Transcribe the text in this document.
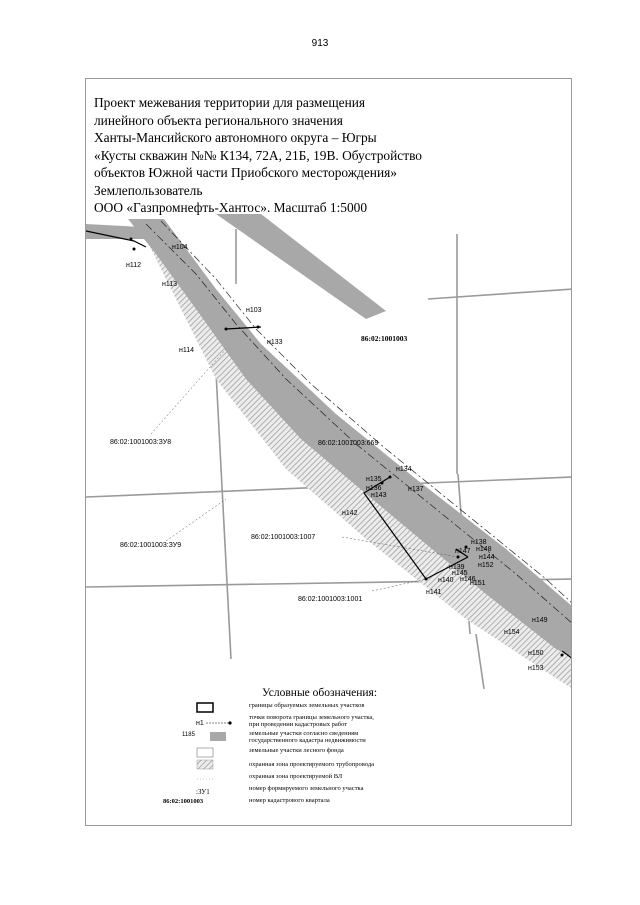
913
н104
н112
н113
н103
н133
н114
н135
н134
н136	н137
н143
н142
н138
н147 н148
н144
н152
н139
н145
н146
н140 н151
н141
н149
н154
н150
н153
86:02:1001003
86:02:1001003:ЗУ8
86:02:1001003:ЗУ9
86:02:1001003:669
86:02:1001003:1007
86:02:1001003:1001
Проект межевания территории для размещения
линейного объекта регионального значения
Ханты-Мансийского автономного округа – Югры
«Кусты скважин №№ К134, 72А, 21Б, 19В. Обустройство
объектов Южной части Приобского месторождения»
Землепользователь
ООО «Газпромнефть-Хантос». Масштаб 1:5000
Условные обозначения:
границы образуемых земельных участков
н1
точки поворота границы земельного участка,
при проведении кадастровых работ
1185	земельные участки согласно сведениям
государственного кадастра недвижимости
земельные участки лесного фонда
охранная зона проектируемого трубопровода
охранная зона проектируемой ВЛ
:ЗУ1	номер формируемого земельного участка
86:02:1001003	номер кадастрового квартала
